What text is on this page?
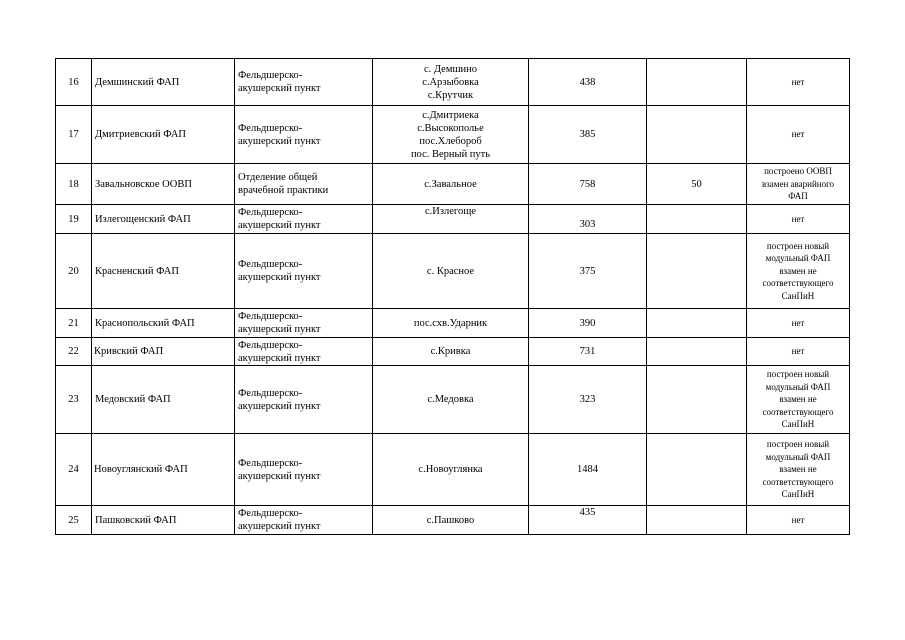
16	Демшинский ФАП	Фельдшерско-
акушерский пункт	с. Демшино
с.Арзыбовка
с.Крутчик	438		нет

17	Дмитриевский ФАП	Фельдшерско-
акушерский пункт	с.Дмитриека
с.Высокополье
пос.Хлебороб
пос. Верный путь	385		нет

18	Завальновское ООВП	Отделение общей
врачебной практики	с.Завальное	758	50	построено ООВП
взамен аварийного
ФАП

19	Излегощенский ФАП	Фельдшерско-
акушерский пункт	с.Излегоще	303		нет

20	Красненский ФАП	Фельдшерско-
акушерский пункт	с. Красное	375		построен новый
модульный ФАП
взамен не
соответствующего
СанПиН

21	Краснопольский ФАП	Фельдшерско-
акушерский пункт	пос.схв.Ударник	390		нет

22	Кривский ФАП	Фельдшерско-
акушерский пункт	с.Кривка	731		нет

23	Медовский ФАП	Фельдшерско-
акушерский пункт	с.Медовка	323		построен новый
модульный ФАП
взамен не
соответствующего
СанПиН

24	Новоуглянский ФАП	Фельдшерско-
акушерский пункт	с.Новоуглянка	1484		построен новый
модульный ФАП
взамен не
соответствующего
СанПиН

25	Пашковский ФАП	Фельдшерско-
акушерский пункт	с.Пашково	435		нет
